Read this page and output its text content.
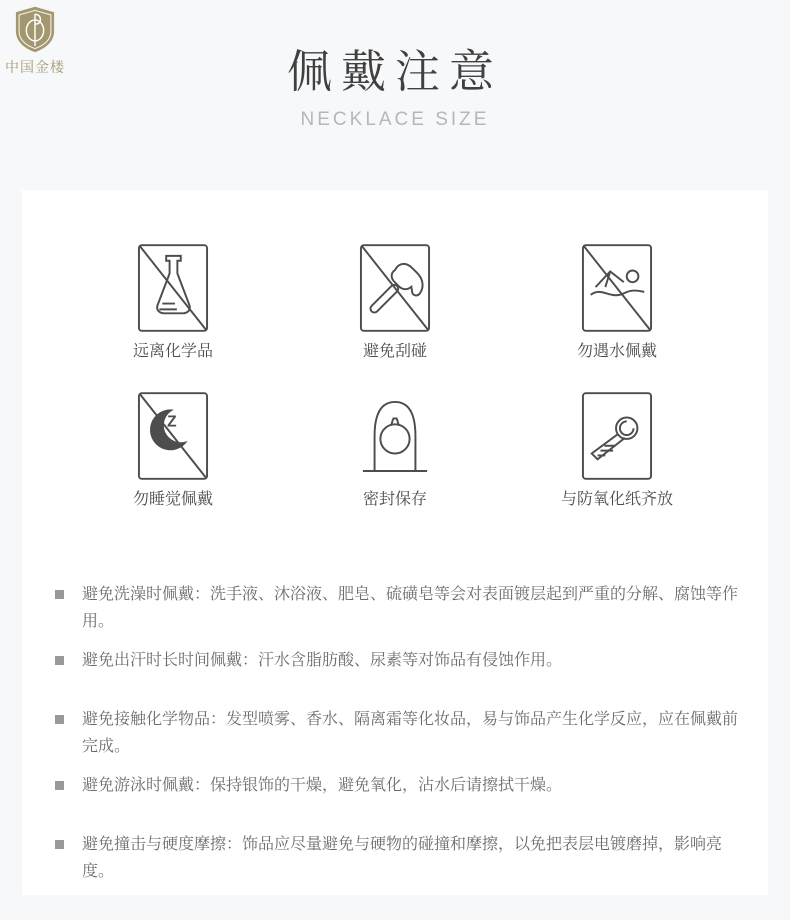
中国金楼	佩戴注意
NECKLACE SIZE
远离化学品	避免刮碰	勿遇水佩戴
Z
z
勿睡觉佩戴	密封保存	与防氧化纸齐放
避免洗澡时佩戴：洗手液、沐浴液、肥皂、硫磺皂等会对表面镀层起到严重的分解、腐蚀等作用。
避免出汗时长时间佩戴：汗水含脂肪酸、尿素等对饰品有侵蚀作用。
避免接触化学物品：发型喷雾、香水、隔离霜等化妆品，易与饰品产生化学反应，应在佩戴前完成。
避免游泳时佩戴：保持银饰的干燥，避免氧化，沾水后请擦拭干燥。
避免撞击与硬度摩擦：饰品应尽量避免与硬物的碰撞和摩擦，以免把表层电镀磨掉，影响亮度。
